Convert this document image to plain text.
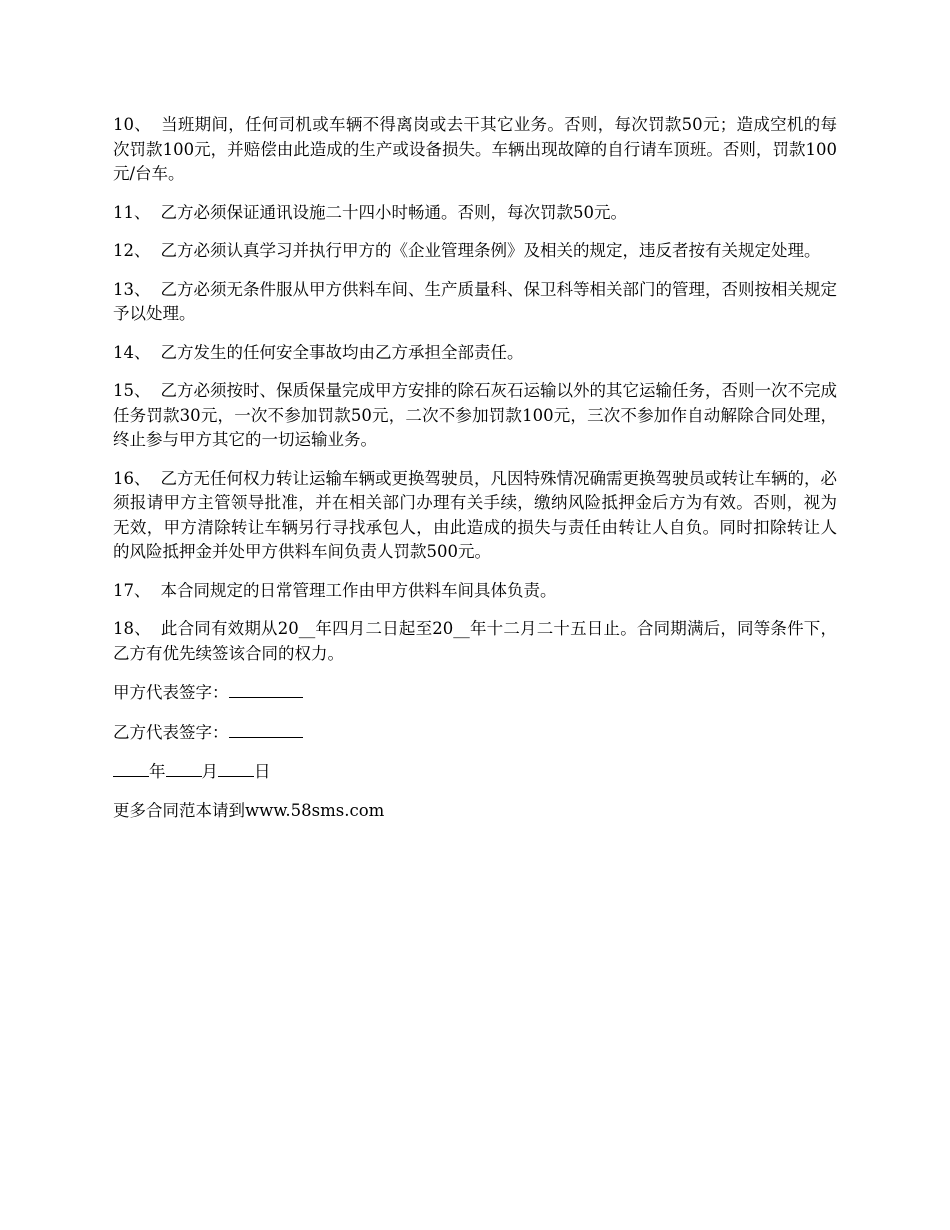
10、 当班期间，任何司机或车辆不得离岗或去干其它业务。否则，每次罚款50元；造成空机的每次罚款100元，并赔偿由此造成的生产或设备损失。车辆出现故障的自行请车顶班。否则，罚款100元/台车。

11、 乙方必须保证通讯设施二十四小时畅通。否则，每次罚款50元。

12、 乙方必须认真学习并执行甲方的《企业管理条例》及相关的规定，违反者按有关规定处理。

13、 乙方必须无条件服从甲方供料车间、生产质量科、保卫科等相关部门的管理，否则按相关规定予以处理。

14、 乙方发生的任何安全事故均由乙方承担全部责任。

15、 乙方必须按时、保质保量完成甲方安排的除石灰石运输以外的其它运输任务，否则一次不完成任务罚款30元，一次不参加罚款50元，二次不参加罚款100元，三次不参加作自动解除合同处理，终止参与甲方其它的一切运输业务。

16、 乙方无任何权力转让运输车辆或更换驾驶员，凡因特殊情况确需更换驾驶员或转让车辆的，必须报请甲方主管领导批准，并在相关部门办理有关手续，缴纳风险抵押金后方为有效。否则，视为无效，甲方清除转让车辆另行寻找承包人，由此造成的损失与责任由转让人自负。同时扣除转让人的风险抵押金并处甲方供料车间负责人罚款500元。

17、 本合同规定的日常管理工作由甲方供料车间具体负责。

18、 此合同有效期从20__年四月二日起至20__年十二月二十五日止。合同期满后，同等条件下，乙方有优先续签该合同的权力。

甲方代表签字：

乙方代表签字：

年 月 日

更多合同范本请到www.58sms.com
